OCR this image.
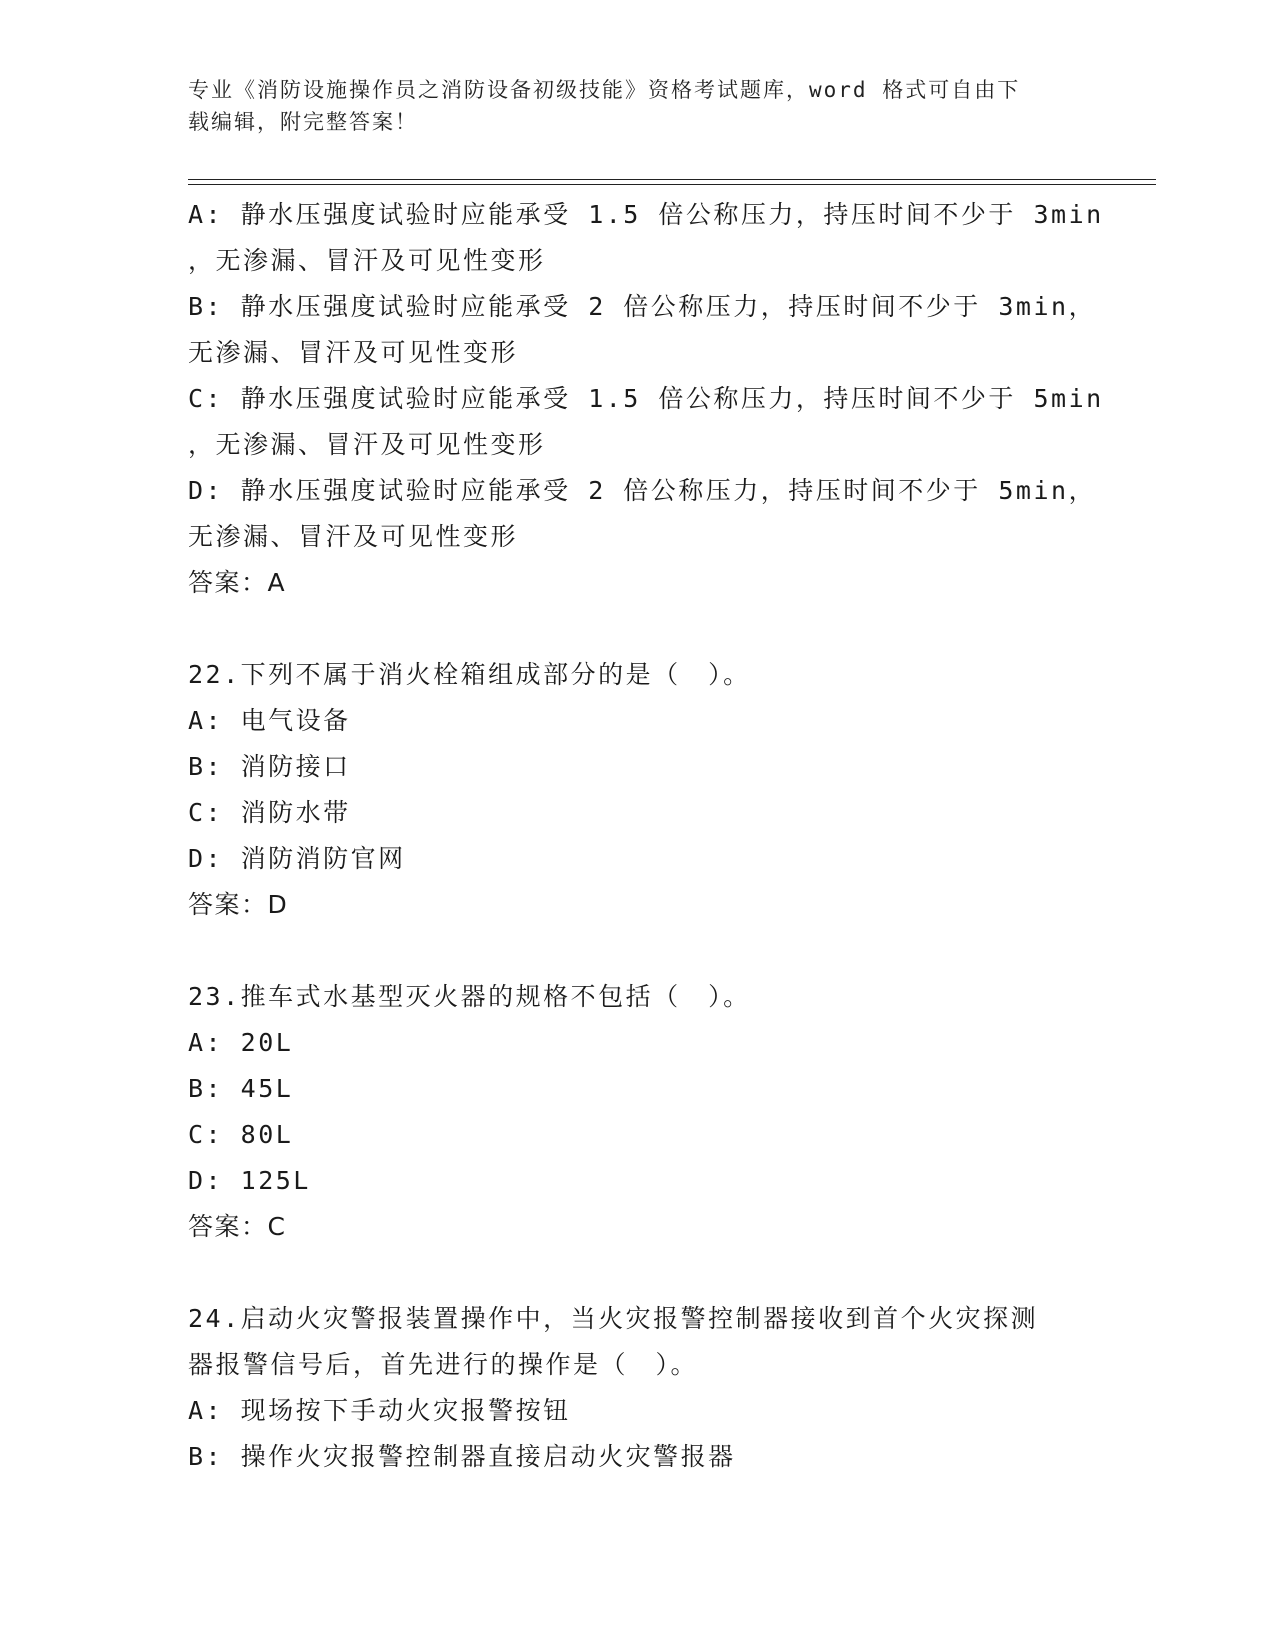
专业《消防设施操作员之消防设备初级技能》资格考试题库，word 格式可自由下
载编辑，附完整答案！
A: 静水压强度试验时应能承受 1.5 倍公称压力，持压时间不少于 3min
，无渗漏、冒汗及可见性变形
B: 静水压强度试验时应能承受 2 倍公称压力，持压时间不少于 3min，
无渗漏、冒汗及可见性变形
C: 静水压强度试验时应能承受 1.5 倍公称压力，持压时间不少于 5min
，无渗漏、冒汗及可见性变形
D: 静水压强度试验时应能承受 2 倍公称压力，持压时间不少于 5min，
无渗漏、冒汗及可见性变形
答案：A
22.下列不属于消火栓箱组成部分的是（　）。
A: 电气设备
B: 消防接口
C: 消防水带
D: 消防消防官网
答案：D
23.推车式水基型灭火器的规格不包括（　）。
A: 20L
B: 45L
C: 80L
D: 125L
答案：C
24.启动火灾警报装置操作中，当火灾报警控制器接收到首个火灾探测
器报警信号后，首先进行的操作是（　）。
A: 现场按下手动火灾报警按钮
B: 操作火灾报警控制器直接启动火灾警报器
